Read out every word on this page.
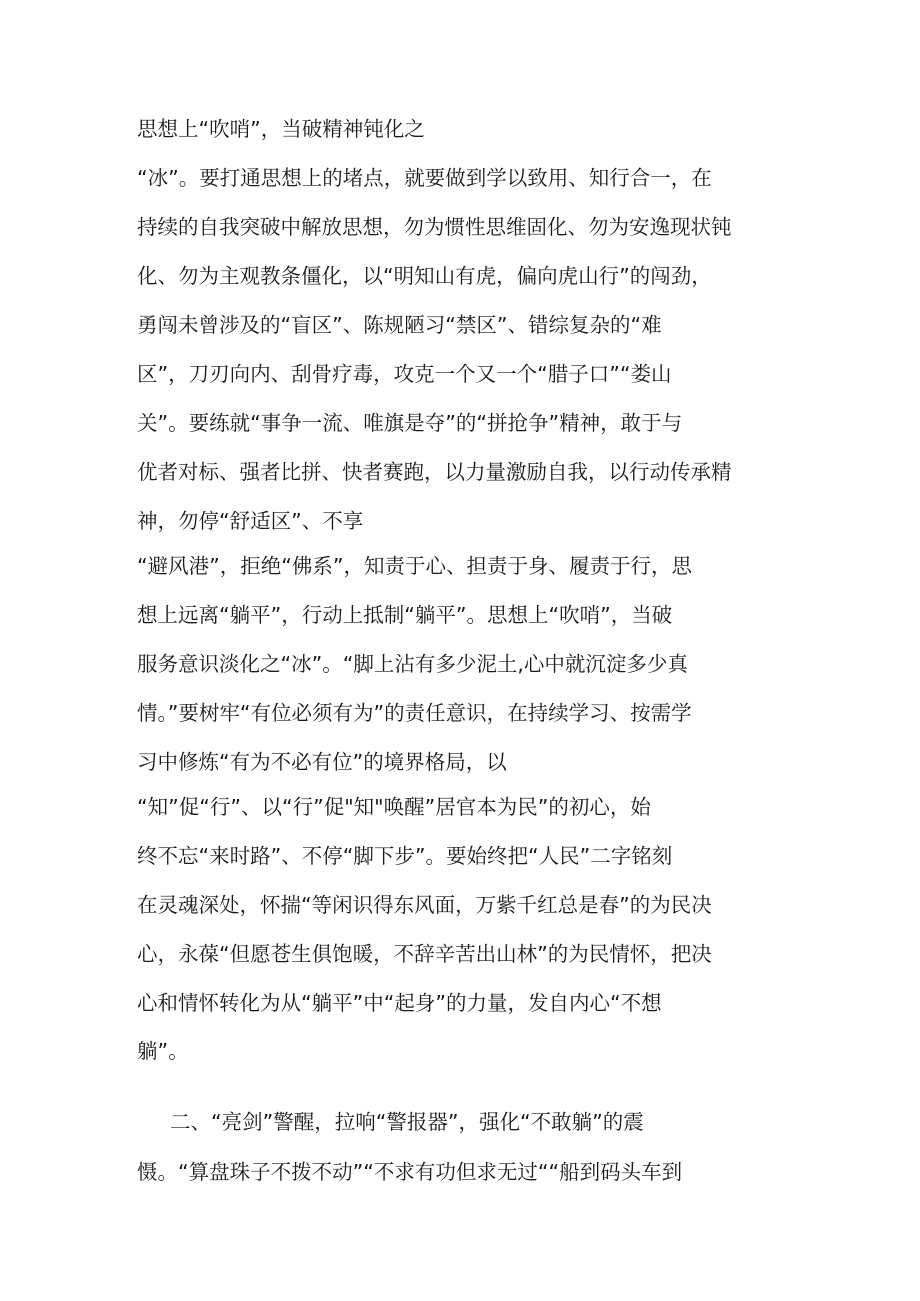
思想上“吹哨”，当破精神钝化之

“冰”。要打通思想上的堵点，就要做到学以致用、知行合一，在

持续的自我突破中解放思想，勿为惯性思维固化、勿为安逸现状钝

化、勿为主观教条僵化，以“明知山有虎，偏向虎山行”的闯劲，

勇闯未曾涉及的“盲区”、陈规陋习“禁区”、错综复杂的“难

区”，刀刃向内、刮骨疗毒，攻克一个又一个“腊子口”“娄山

关”。要练就“事争一流、唯旗是夺”的“拼抢争”精神，敢于与

优者对标、强者比拼、快者赛跑，以力量激励自我，以行动传承精

神，勿停“舒适区”、不享

“避风港”，拒绝“佛系”，知责于心、担责于身、履责于行，思

想上远离“躺平”，行动上抵制“躺平”。思想上“吹哨”，当破

服务意识淡化之“冰”。“脚上沾有多少泥土,心中就沉淀多少真

情。”要树牢“有位必须有为”的责任意识，在持续学习、按需学

习中修炼“有为不必有位”的境界格局，以

“知”促“行”、以“行”促"知"唤醒”居官本为民”的初心，始

终不忘“来时路”、不停“脚下步”。要始终把“人民”二字铭刻

在灵魂深处，怀揣“等闲识得东风面，万紫千红总是春”的为民决

心，永葆“但愿苍生俱饱暖，不辞辛苦出山林”的为民情怀，把决

心和情怀转化为从“躺平”中“起身”的力量，发自内心“不想

躺”。

二、“亮剑”警醒，拉响“警报器”，强化“不敢躺”的震

慑。“算盘珠子不拨不动”“不求有功但求无过““船到码头车到
